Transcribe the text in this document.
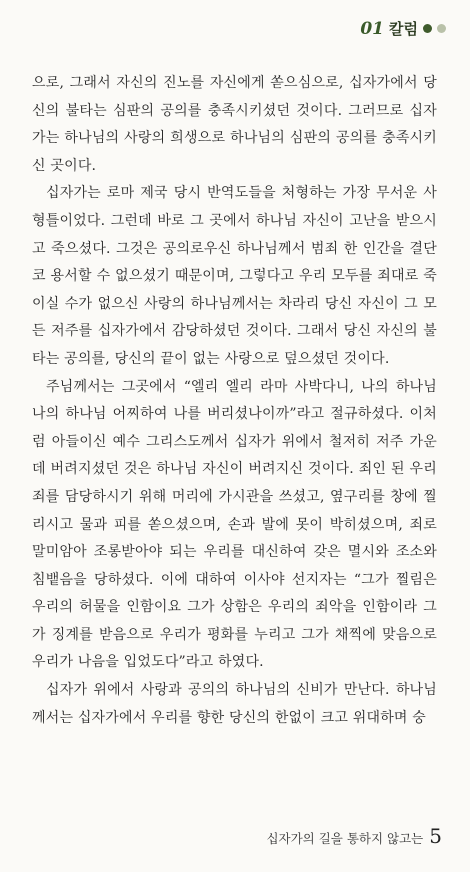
01 칼럼

으로, 그래서 자신의 진노를 자신에게 쏟으심으로, 십자가에서 당신의 불타는 심판의 공의를 충족시키셨던 것이다. 그러므로 십자가는 하나님의 사랑의 희생으로 하나님의 심판의 공의를 충족시키신 곳이다.

십자가는 로마 제국 당시 반역도들을 처형하는 가장 무서운 사형틀이었다. 그런데 바로 그 곳에서 하나님 자신이 고난을 받으시고 죽으셨다. 그것은 공의로우신 하나님께서 범죄 한 인간을 결단코 용서할 수 없으셨기 때문이며, 그렇다고 우리 모두를 죄대로 죽이실 수가 없으신 사랑의 하나님께서는 차라리 당신 자신이 그 모든 저주를 십자가에서 감당하셨던 것이다. 그래서 당신 자신의 불타는 공의를, 당신의 끝이 없는 사랑으로 덮으셨던 것이다.

주님께서는 그곳에서 “엘리 엘리 라마 사박다니, 나의 하나님 나의 하나님 어찌하여 나를 버리셨나이까”라고 절규하셨다. 이처럼 아들이신 예수 그리스도께서 십자가 위에서 철저히 저주 가운데 버려지셨던 것은 하나님 자신이 버려지신 것이다. 죄인 된 우리 죄를 담당하시기 위해 머리에 가시관을 쓰셨고, 옆구리를 창에 찔리시고 물과 피를 쏟으셨으며, 손과 발에 못이 박히셨으며, 죄로 말미암아 조롱받아야 되는 우리를 대신하여 갖은 멸시와 조소와 침뱉음을 당하셨다. 이에 대하여 이사야 선지자는 “그가 찔림은 우리의 허물을 인함이요 그가 상함은 우리의 죄악을 인함이라 그가 징계를 받음으로 우리가 평화를 누리고 그가 채찍에 맞음으로 우리가 나음을 입었도다”라고 하였다.

십자가 위에서 사랑과 공의의 하나님의 신비가 만난다. 하나님께서는 십자가에서 우리를 향한 당신의 한없이 크고 위대하며 숭

십자가의 길을 통하지 않고는 5
